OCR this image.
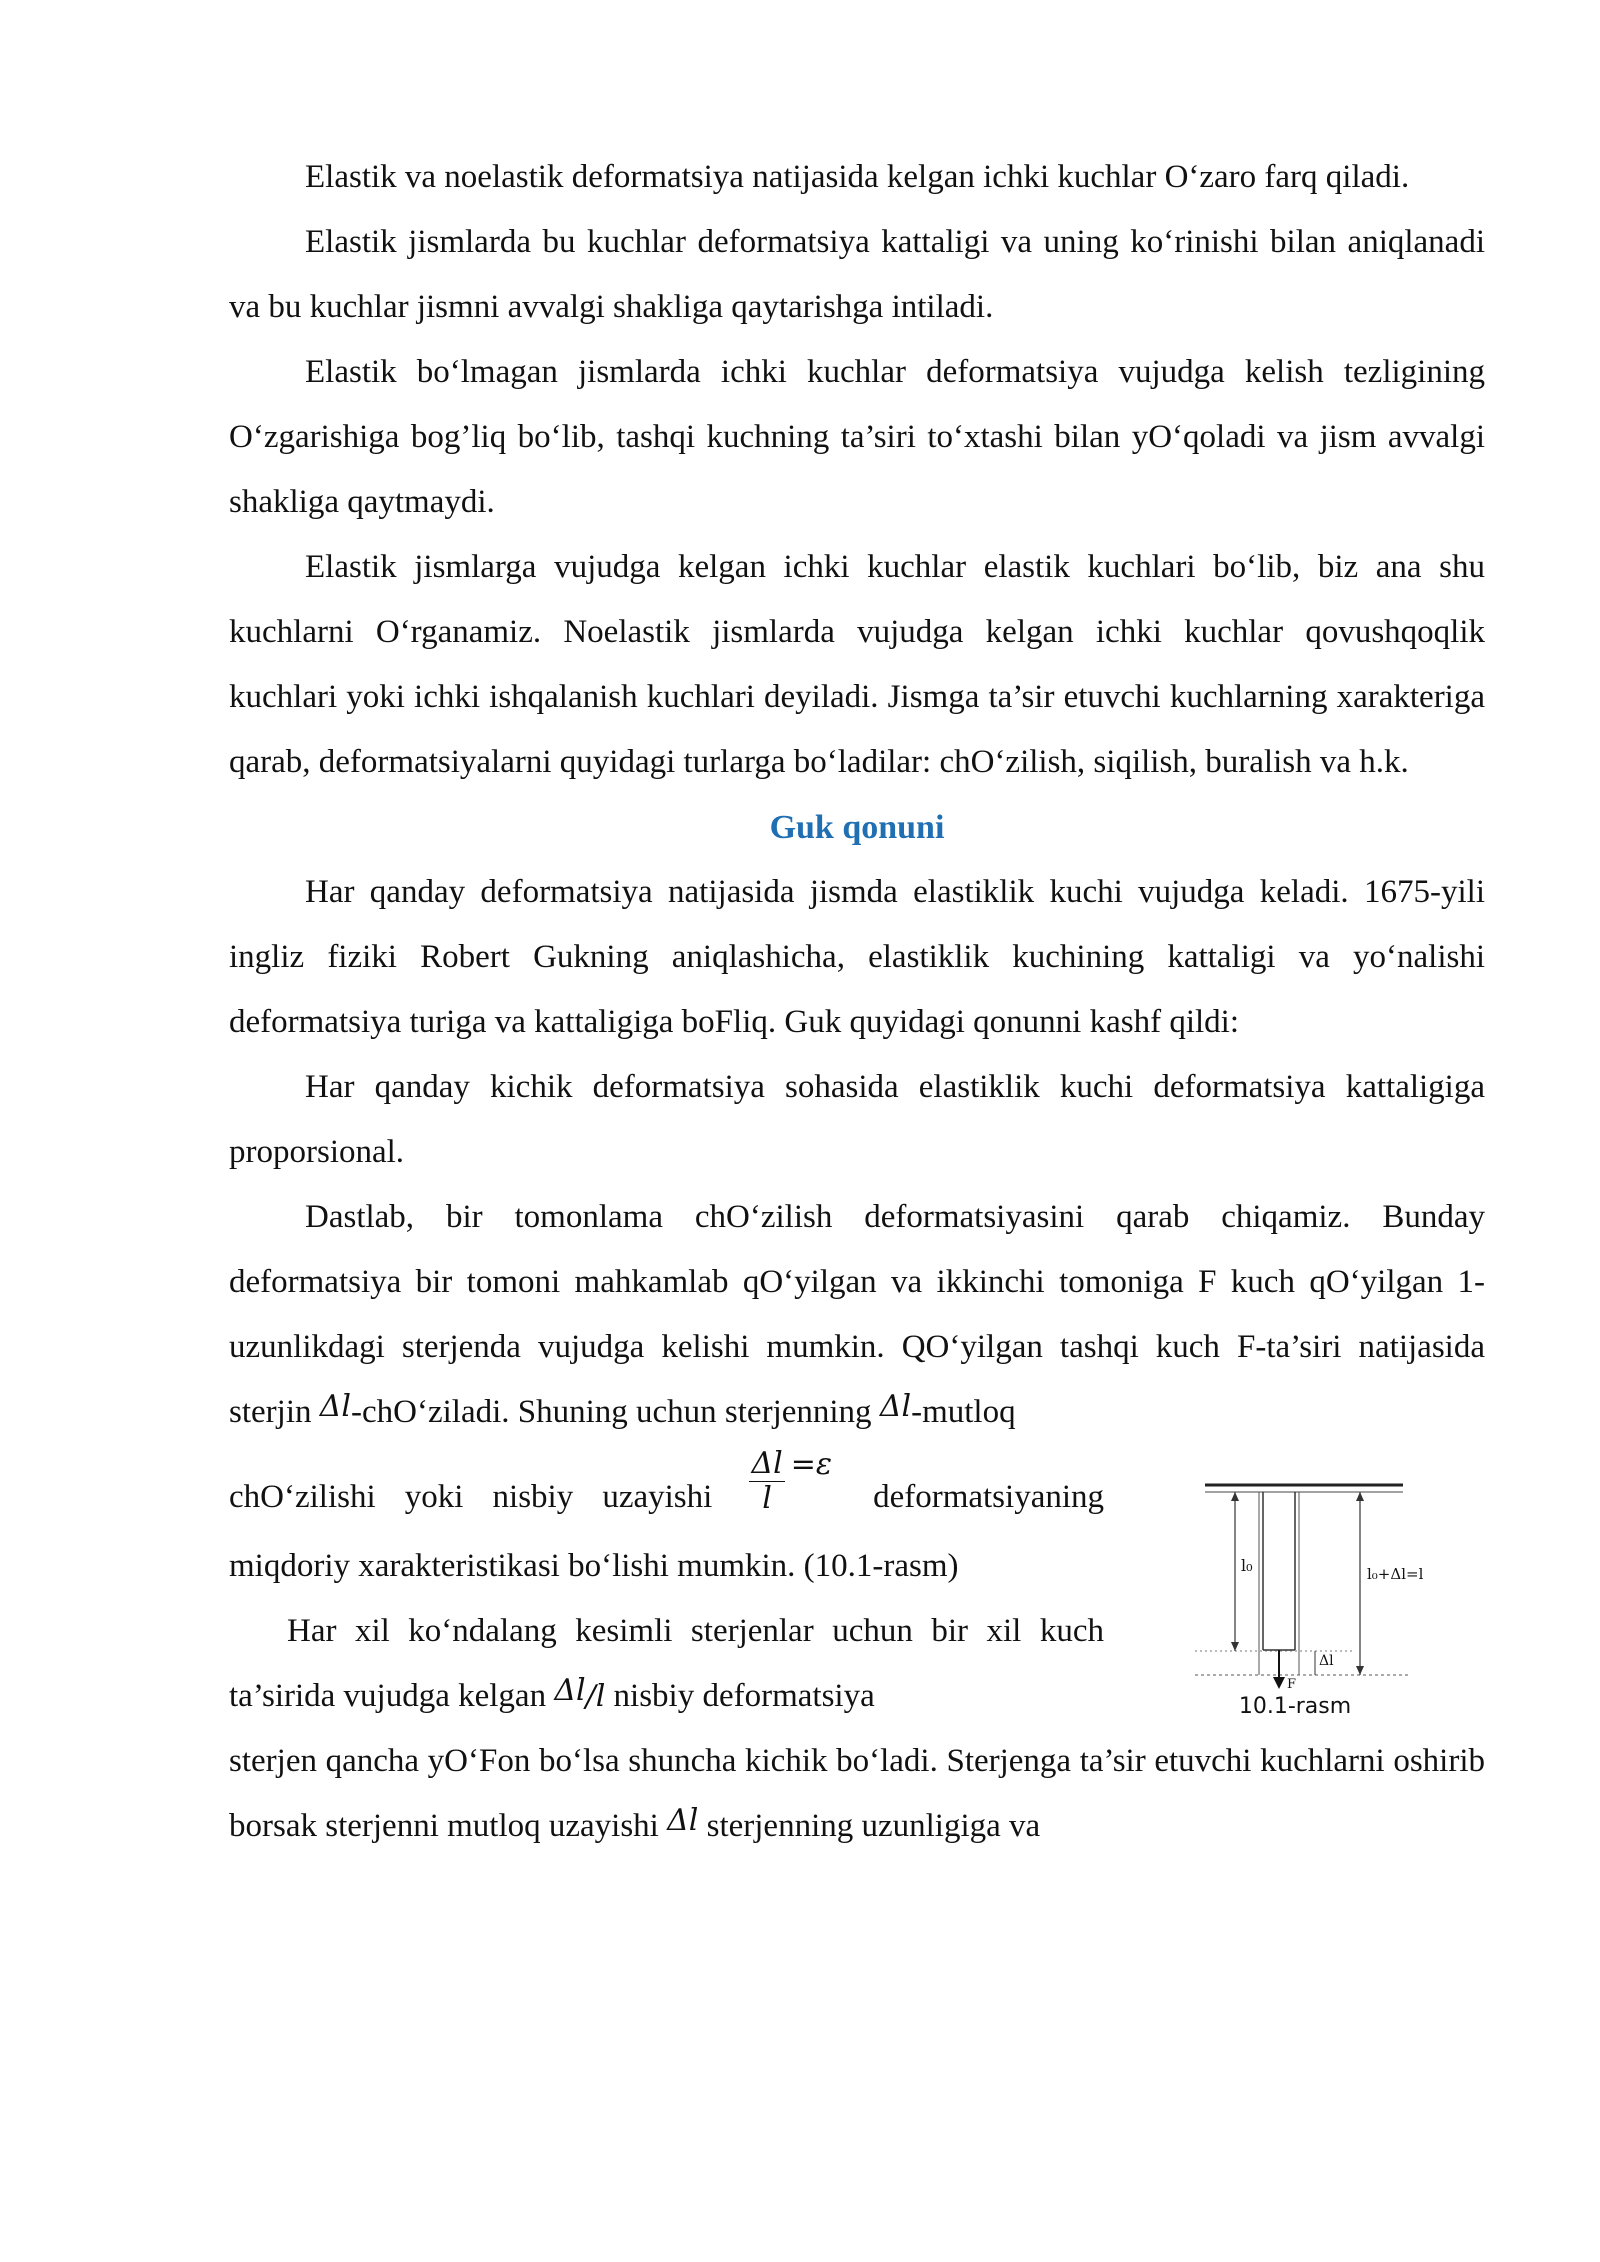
Elastik va noelastik deformatsiya natijasida kelgan ichki kuchlar O‘zaro farq qiladi.

Elastik jismlarda bu kuchlar deformatsiya kattaligi va uning ko‘rinishi bilan aniqlanadi va bu kuchlar jismni avvalgi shakliga qaytarishga intiladi.

Elastik bo‘lmagan jismlarda ichki kuchlar deformatsiya vujudga kelish tezligining O‘zgarishiga bog’liq bo‘lib, tashqi kuchning ta’siri to‘xtashi bilan yO‘qoladi va jism avvalgi shakliga qaytmaydi.

Elastik jismlarga vujudga kelgan ichki kuchlar elastik kuchlari bo‘lib, biz ana shu kuchlarni O‘rganamiz. Noelastik jismlarda vujudga kelgan ichki kuchlar qovushqoqlik kuchlari yoki ichki ishqalanish kuchlari deyiladi. Jismga ta’sir etuvchi kuchlarning xarakteriga qarab, deformatsiyalarni quyidagi turlarga bo‘ladilar: chO‘zilish, siqilish, buralish va h.k.

Guk qonuni

Har qanday deformatsiya natijasida jismda elastiklik kuchi vujudga keladi. 1675-yili ingliz fiziki Robert Gukning aniqlashicha, elastiklik kuchining kattaligi va yo‘nalishi deformatsiya turiga va kattaligiga boFliq. Guk quyidagi qonunni kashf qildi:

Har qanday kichik deformatsiya sohasida elastiklik kuchi deformatsiya kattaligiga proporsional.

Dastlab, bir tomonlama chO‘zilish deformatsiyasini qarab chiqamiz. Bunday deformatsiya bir tomoni mahkamlab qO‘yilgan va ikkinchi tomoniga F kuch qO‘yilgan 1-uzunlikdagi sterjenda vujudga kelishi mumkin. QO‘yilgan tashqi kuch F-ta’siri natijasida sterjin Δl-chO‘ziladi. Shuning uchun sterjenning Δl-mutloq

l₀	l₀+Δl=l
Δl
F
10.1-rasm

chO‘zilishi yoki nisbiy uzayishi $\frac{\Delta l}{l} =\varepsilon$ deformatsiyaning miqdoriy xarakteristikasi bo‘lishi mumkin. (10.1-rasm)

Har xil ko‘ndalang kesimli sterjenlar uchun bir xil kuch ta’sirida vujudga kelgan Δl/l nisbiy deformatsiya

sterjen qancha yO‘Fon bo‘lsa shuncha kichik bo‘ladi. Sterjenga ta’sir etuvchi kuchlarni oshirib borsak sterjenni mutloq uzayishi Δl sterjenning uzunligiga va
